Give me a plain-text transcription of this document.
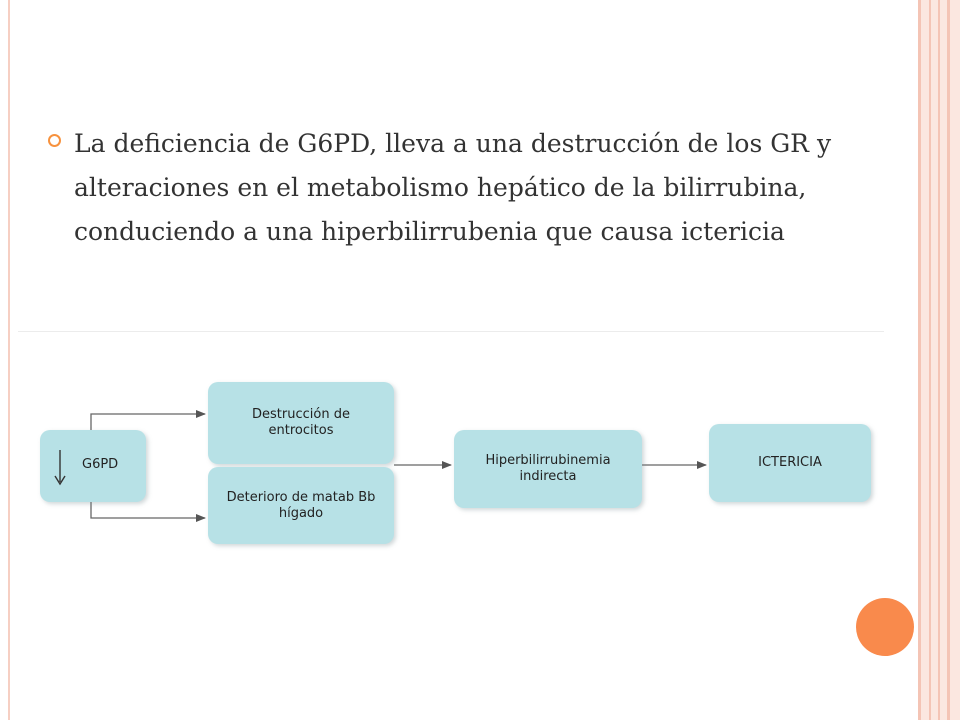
La deficiencia de G6PD, lleva a una destrucción de los GR y alteraciones en el metabolismo hepático de la bilirrubina, conduciendo a una hiperbilirrubenia que causa ictericia
G6PD
Destrucción de entrocitos
Deterioro de matab Bb hígado
Hiperbilirrubinemia indirecta
ICTERICIA
